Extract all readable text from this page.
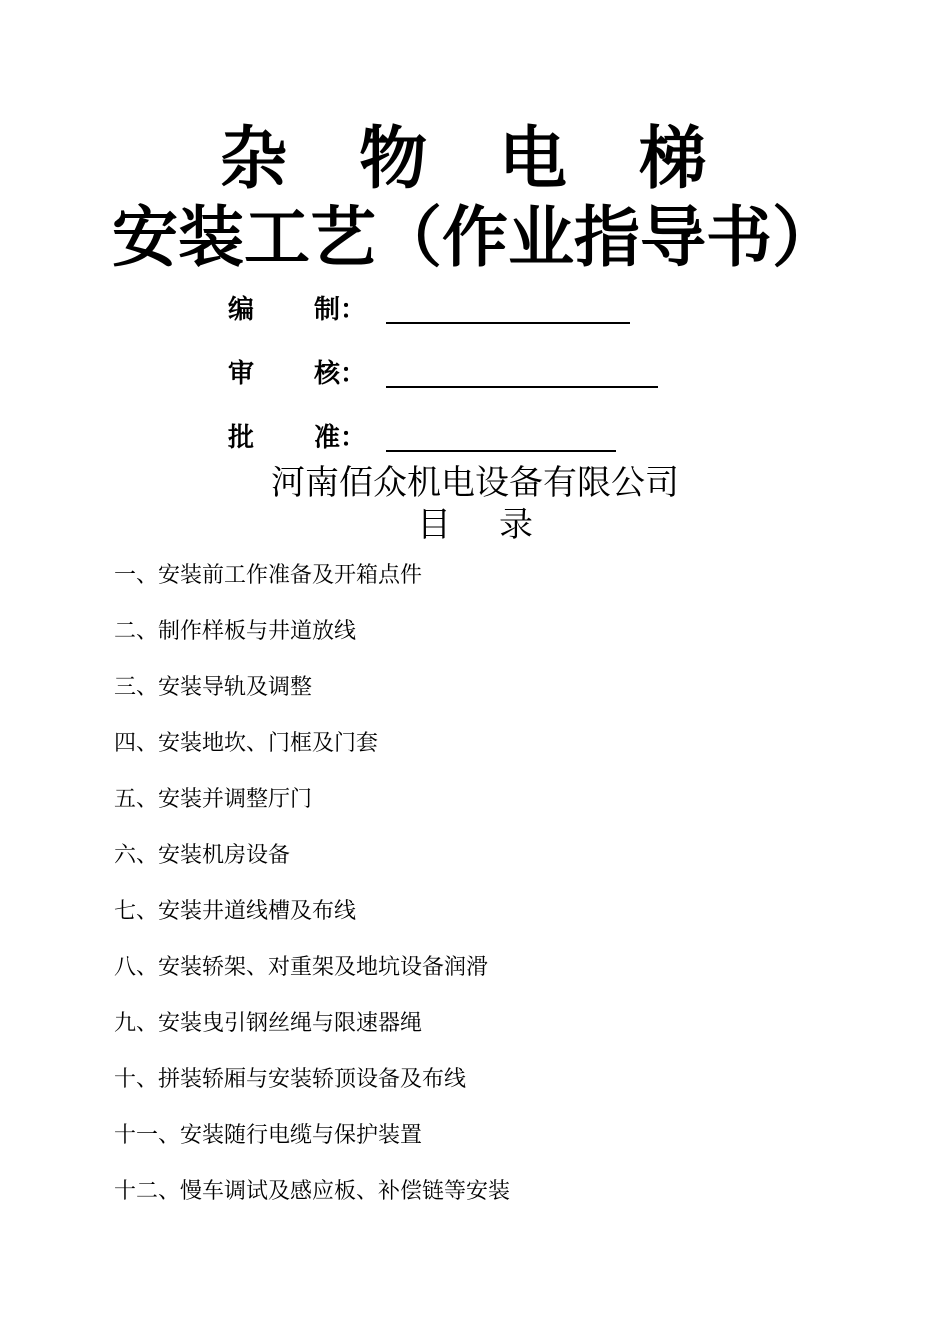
杂 物 电 梯
安装工艺（作业指导书）
编 制：
审 核：
批 准：
河南佰众机电设备有限公司
目 录
一、安装前工作准备及开箱点件
二、制作样板与井道放线
三、安装导轨及调整
四、安装地坎、门框及门套
五、安装并调整厅门
六、安装机房设备
七、安装井道线槽及布线
八、安装轿架、对重架及地坑设备润滑
九、安装曳引钢丝绳与限速器绳
十、拼装轿厢与安装轿顶设备及布线
十一、安装随行电缆与保护装置
十二、慢车调试及感应板、补偿链等安装
